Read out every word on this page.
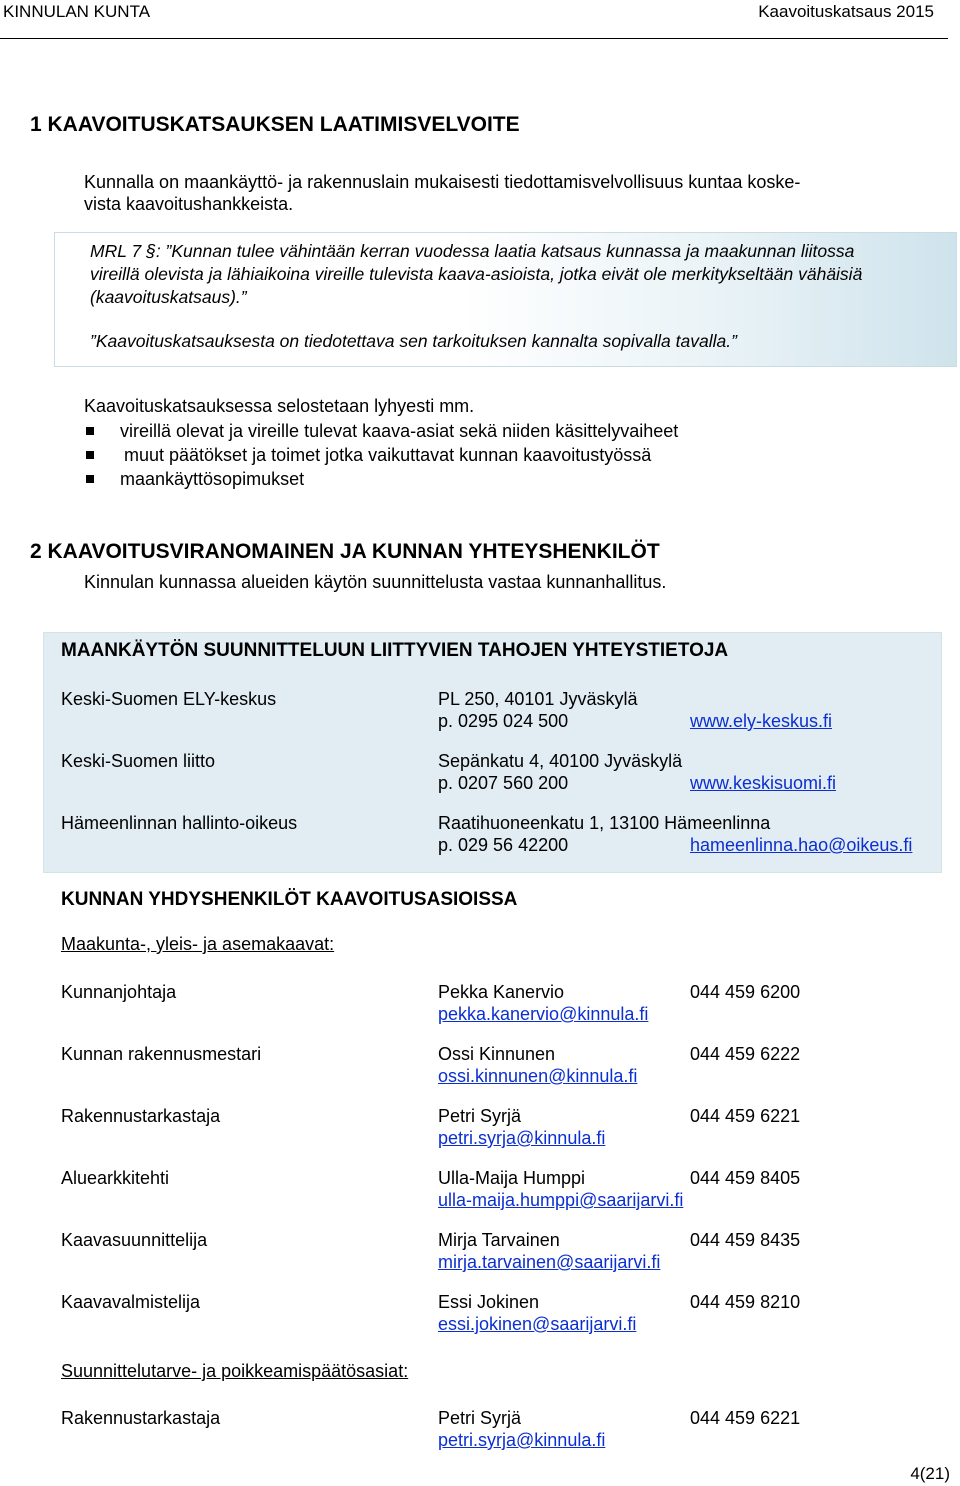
KINNULAN KUNTA	Kaavoituskatsaus 2015
1 KAAVOITUSKATSAUKSEN LAATIMISVELVOITE
Kunnalla on maankäyttö- ja rakennuslain mukaisesti tiedottamisvelvollisuus kuntaa koske-
vista kaavoitushankkeista.
MRL 7 §: ”Kunnan tulee vähintään kerran vuodessa laatia katsaus kunnassa ja maakunnan liitossa
vireillä olevista ja lähiaikoina vireille tulevista kaava-asioista, jotka eivät ole merkitykseltään vähäisiä
(kaavoituskatsaus).”
”Kaavoituskatsauksesta on tiedotettava sen tarkoituksen kannalta sopivalla tavalla.”
Kaavoituskatsauksessa selostetaan lyhyesti mm.
vireillä olevat ja vireille tulevat kaava-asiat sekä niiden käsittelyvaiheet
muut päätökset ja toimet jotka vaikuttavat kunnan kaavoitustyössä
maankäyttösopimukset
2 KAAVOITUSVIRANOMAINEN JA KUNNAN YHTEYSHENKILÖT
Kinnulan kunnassa alueiden käytön suunnittelusta vastaa kunnanhallitus.
MAANKÄYTÖN SUUNNITTELUUN LIITTYVIEN TAHOJEN YHTEYSTIETOJA
Keski-Suomen ELY-keskus	PL 250, 40101 Jyväskylä
p. 0295 024 500	www.ely-keskus.fi
Keski-Suomen liitto	Sepänkatu 4, 40100 Jyväskylä
p. 0207 560 200	www.keskisuomi.fi
Hämeenlinnan hallinto-oikeus	Raatihuoneenkatu 1, 13100 Hämeenlinna
p. 029 56 42200	hameenlinna.hao@oikeus.fi
KUNNAN YHDYSHENKILÖT KAAVOITUSASIOISSA
Maakunta-, yleis- ja asemakaavat:
Kunnanjohtaja	Pekka Kanervio	044 459 6200
pekka.kanervio@kinnula.fi
Kunnan rakennusmestari	Ossi Kinnunen	044 459 6222
ossi.kinnunen@kinnula.fi
Rakennustarkastaja	Petri Syrjä	044 459 6221
petri.syrja@kinnula.fi
Aluearkkitehti	Ulla-Maija Humppi	044 459 8405
ulla-maija.humppi@saarijarvi.fi
Kaavasuunnittelija	Mirja Tarvainen	044 459 8435
mirja.tarvainen@saarijarvi.fi
Kaavavalmistelija	Essi Jokinen	044 459 8210
essi.jokinen@saarijarvi.fi
Suunnittelutarve- ja poikkeamispäätösasiat:
Rakennustarkastaja	Petri Syrjä	044 459 6221
petri.syrja@kinnula.fi
4(21)
